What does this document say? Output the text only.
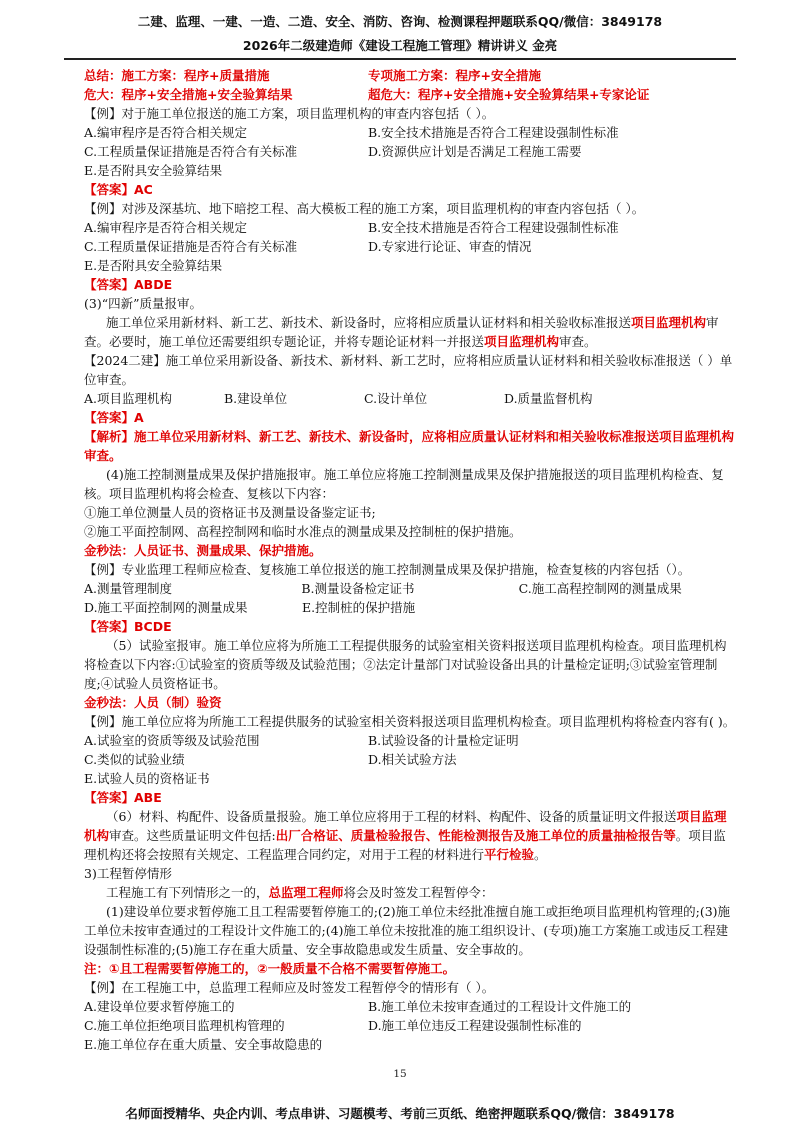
二建、监理、一建、一造、二造、安全、消防、咨询、检测课程押题联系QQ/微信：3849178
2026年二级建造师《建设工程施工管理》精讲讲义 金亮
总结：施工方案：程序+质量措施	专项施工方案：程序+安全措施
危大：程序+安全措施+安全验算结果	超危大：程序+安全措施+安全验算结果+专家论证

【例】对于施工单位报送的施工方案，项目监理机构的审查内容包括（ ）。

A.编审程序是否符合相关规定	B.安全技术措施是否符合工程建设强制性标准
C.工程质量保证措施是否符合有关标准	D.资源供应计划是否满足工程施工需要

E.是否附具安全验算结果

【答案】AC

【例】对涉及深基坑、地下暗挖工程、高大模板工程的施工方案，项目监理机构的审查内容包括（ ）。

A.编审程序是否符合相关规定	B.安全技术措施是否符合工程建设强制性标准
C.工程质量保证措施是否符合有关标准	D.专家进行论证、审查的情况

E.是否附具安全验算结果

【答案】ABDE

(3)“四新”质量报审。

施工单位采用新材料、新工艺、新技术、新设备时，应将相应质量认证材料和相关验收标准报送项目监理机构审查。必要时，施工单位还需要组织专题论证，并将专题论证材料一并报送项目监理机构审查。

【2024二建】施工单位采用新设备、新技术、新材料、新工艺时，应将相应质量认证材料和相关验收标准报送（ ）单位审查。

A.项目监理机构	B.建设单位	C.设计单位	D.质量监督机构

【答案】A

【解析】施工单位采用新材料、新工艺、新技术、新设备时，应将相应质量认证材料和相关验收标准报送项目监理机构审查。

(4)施工控制测量成果及保护措施报审。施工单位应将施工控制测量成果及保护措施报送的项目监理机构检查、复核。项目监理机构将会检查、复核以下内容：

①施工单位测量人员的资格证书及测量设备鉴定证书;

②施工平面控制网、高程控制网和临时水准点的测量成果及控制桩的保护措施。

金秒法：人员证书、测量成果、保护措施。

【例】专业监理工程师应检查、复核施工单位报送的施工控制测量成果及保护措施，检查复核的内容包括（）。

A.测量管理制度	B.测量设备检定证书	C.施工高程控制网的测量成果
D.施工平面控制网的测量成果	E.控制桩的保护措施

【答案】BCDE

（5）试验室报审。施工单位应将为所施工工程提供服务的试验室相关资料报送项目监理机构检查。项目监理机构将检查以下内容:①试验室的资质等级及试验范围；②法定计量部门对试验设备出具的计量检定证明;③试验室管理制度;④试验人员资格证书。

金秒法：人员（制）验资

【例】施工单位应将为所施工工程提供服务的试验室相关资料报送项目监理机构检查。项目监理机构将检查内容有( )。

A.试验室的资质等级及试验范围	B.试验设备的计量检定证明
C.类似的试验业绩	D.相关试验方法

E.试验人员的资格证书

【答案】ABE

（6）材料、构配件、设备质量报验。施工单位应将用于工程的材料、构配件、设备的质量证明文件报送项目监理机构审查。这些质量证明文件包括:出厂合格证、质量检验报告、性能检测报告及施工单位的质量抽检报告等。项目监理机构还将会按照有关规定、工程监理合同约定，对用于工程的材料进行平行检验。

3)工程暂停情形

工程施工有下列情形之一的，总监理工程师将会及时签发工程暂停令：

(1)建设单位要求暂停施工且工程需要暂停施工的;(2)施工单位未经批准擅自施工或拒绝项目监理机构管理的;(3)施工单位未按审查通过的工程设计文件施工的;(4)施工单位未按批准的施工组织设计、(专项)施工方案施工或违反工程建设强制性标准的;(5)施工存在重大质量、安全事故隐患或发生质量、安全事故的。

注：①且工程需要暂停施工的，②一般质量不合格不需要暂停施工。

【例】在工程施工中，总监理工程师应及时签发工程暂停令的情形有（ ）。

A.建设单位要求暂停施工的	B.施工单位未按审查通过的工程设计文件施工的
C.施工单位拒绝项目监理机构管理的	D.施工单位违反工程建设强制性标准的

E.施工单位存在重大质量、安全事故隐患的

15
名师面授精华、央企内训、考点串讲、习题模考、考前三页纸、绝密押题联系QQ/微信：3849178
